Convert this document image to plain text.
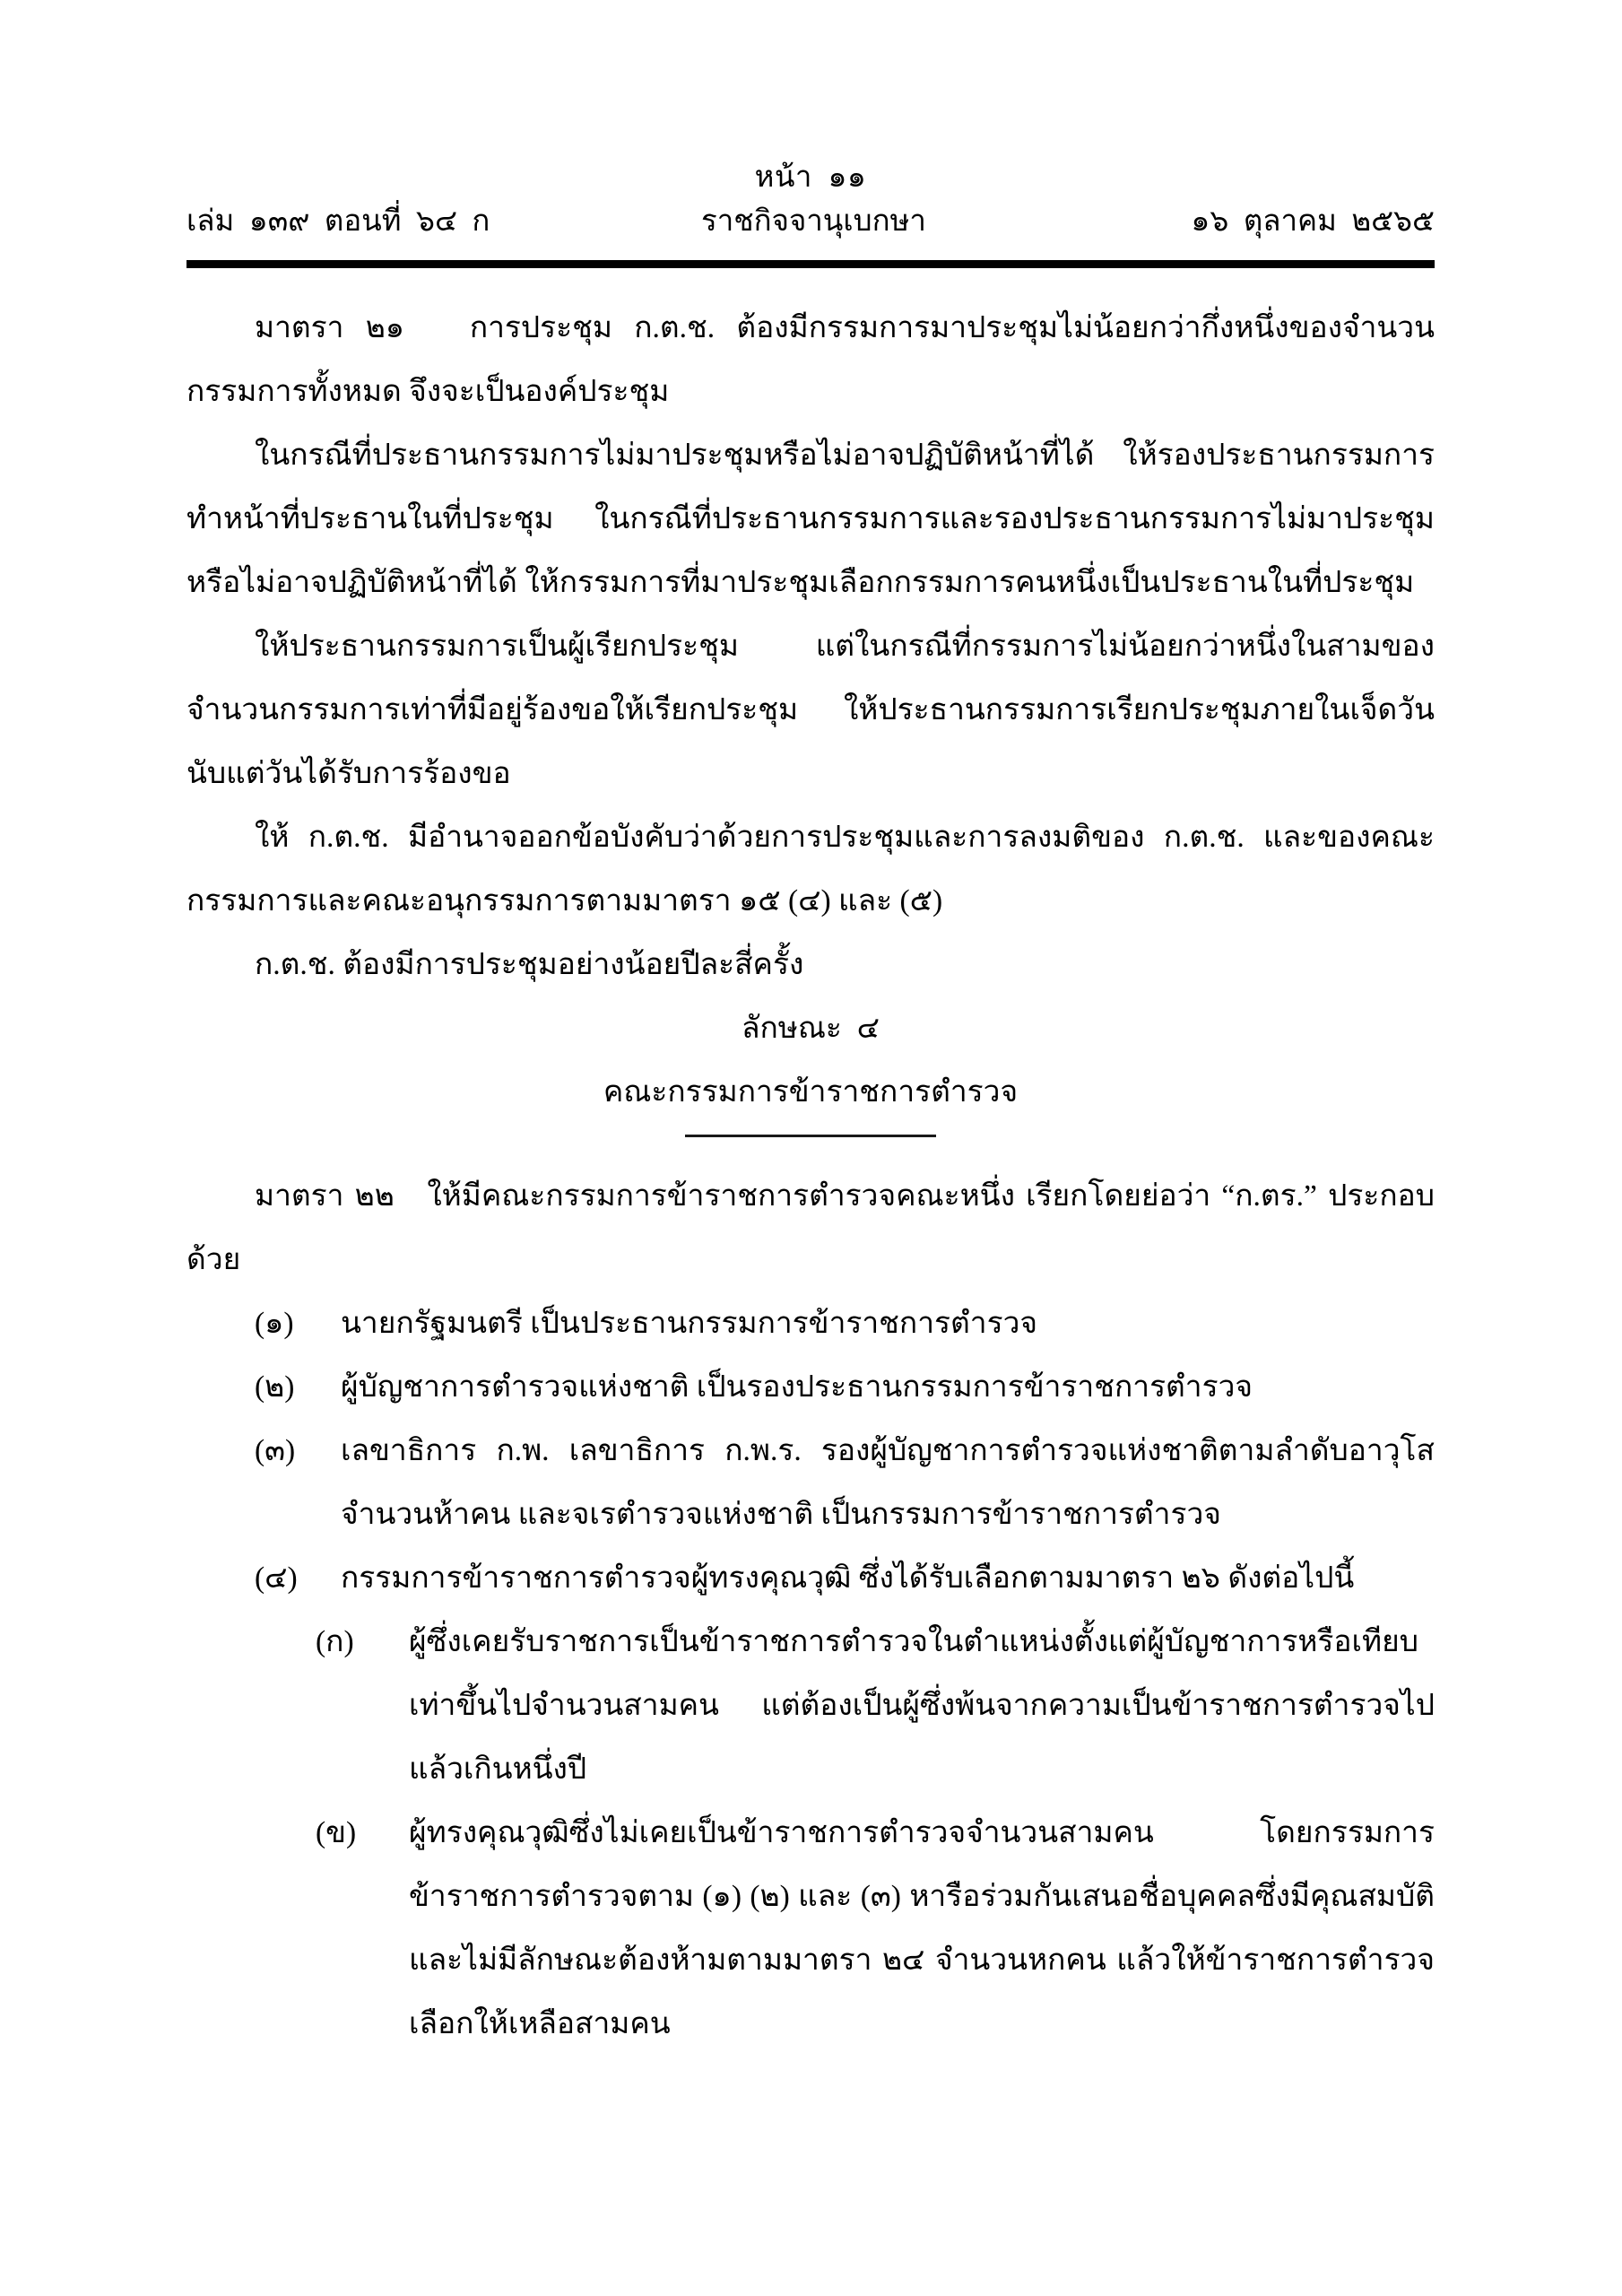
หน้า  ๑๑
เล่ม  ๑๓๙  ตอนที่  ๖๔  ก	ราชกิจจานุเบกษา	๑๖  ตุลาคม  ๒๕๖๕

มาตรา ๒๑ การประชุม ก.ต.ช. ต้องมีกรรมการมาประชุมไม่น้อยกว่ากึ่งหนึ่งของจำนวนกรรมการทั้งหมด จึงจะเป็นองค์ประชุม

ในกรณีที่ประธานกรรมการไม่มาประชุมหรือไม่อาจปฏิบัติหน้าที่ได้ ให้รองประธานกรรมการทำหน้าที่ประธานในที่ประชุม ในกรณีที่ประธานกรรมการและรองประธานกรรมการไม่มาประชุมหรือไม่อาจปฏิบัติหน้าที่ได้ ให้กรรมการที่มาประชุมเลือกกรรมการคนหนึ่งเป็นประธานในที่ประชุม

ให้ประธานกรรมการเป็นผู้เรียกประชุม แต่ในกรณีที่กรรมการไม่น้อยกว่าหนึ่งในสามของจำนวนกรรมการเท่าที่มีอยู่ร้องขอให้เรียกประชุม ให้ประธานกรรมการเรียกประชุมภายในเจ็ดวันนับแต่วันได้รับการร้องขอ

ให้ ก.ต.ช. มีอำนาจออกข้อบังคับว่าด้วยการประชุมและการลงมติของ ก.ต.ช. และของคณะกรรมการและคณะอนุกรรมการตามมาตรา ๑๕ (๔) และ (๕)

ก.ต.ช. ต้องมีการประชุมอย่างน้อยปีละสี่ครั้ง

ลักษณะ  ๔
คณะกรรมการข้าราชการตำรวจ

มาตรา ๒๒ ให้มีคณะกรรมการข้าราชการตำรวจคณะหนึ่ง เรียกโดยย่อว่า “ก.ตร.” ประกอบด้วย

(๑)	นายกรัฐมนตรี เป็นประธานกรรมการข้าราชการตำรวจ
(๒)	ผู้บัญชาการตำรวจแห่งชาติ เป็นรองประธานกรรมการข้าราชการตำรวจ
(๓)	เลขาธิการ ก.พ. เลขาธิการ ก.พ.ร. รองผู้บัญชาการตำรวจแห่งชาติตามลำดับอาวุโสจำนวนห้าคน และจเรตำรวจแห่งชาติ เป็นกรรมการข้าราชการตำรวจ
(๔)	กรรมการข้าราชการตำรวจผู้ทรงคุณวุฒิ ซึ่งได้รับเลือกตามมาตรา ๒๖ ดังต่อไปนี้
(ก)	ผู้ซึ่งเคยรับราชการเป็นข้าราชการตำรวจในตำแหน่งตั้งแต่ผู้บัญชาการหรือเทียบเท่าขึ้นไปจำนวนสามคน แต่ต้องเป็นผู้ซึ่งพ้นจากความเป็นข้าราชการตำรวจไปแล้วเกินหนึ่งปี
(ข)	ผู้ทรงคุณวุฒิซึ่งไม่เคยเป็นข้าราชการตำรวจจำนวนสามคน โดยกรรมการข้าราชการตำรวจตาม (๑) (๒) และ (๓) หารือร่วมกันเสนอชื่อบุคคลซึ่งมีคุณสมบัติและไม่มีลักษณะต้องห้ามตามมาตรา ๒๔ จำนวนหกคน แล้วให้ข้าราชการตำรวจเลือกให้เหลือสามคน
